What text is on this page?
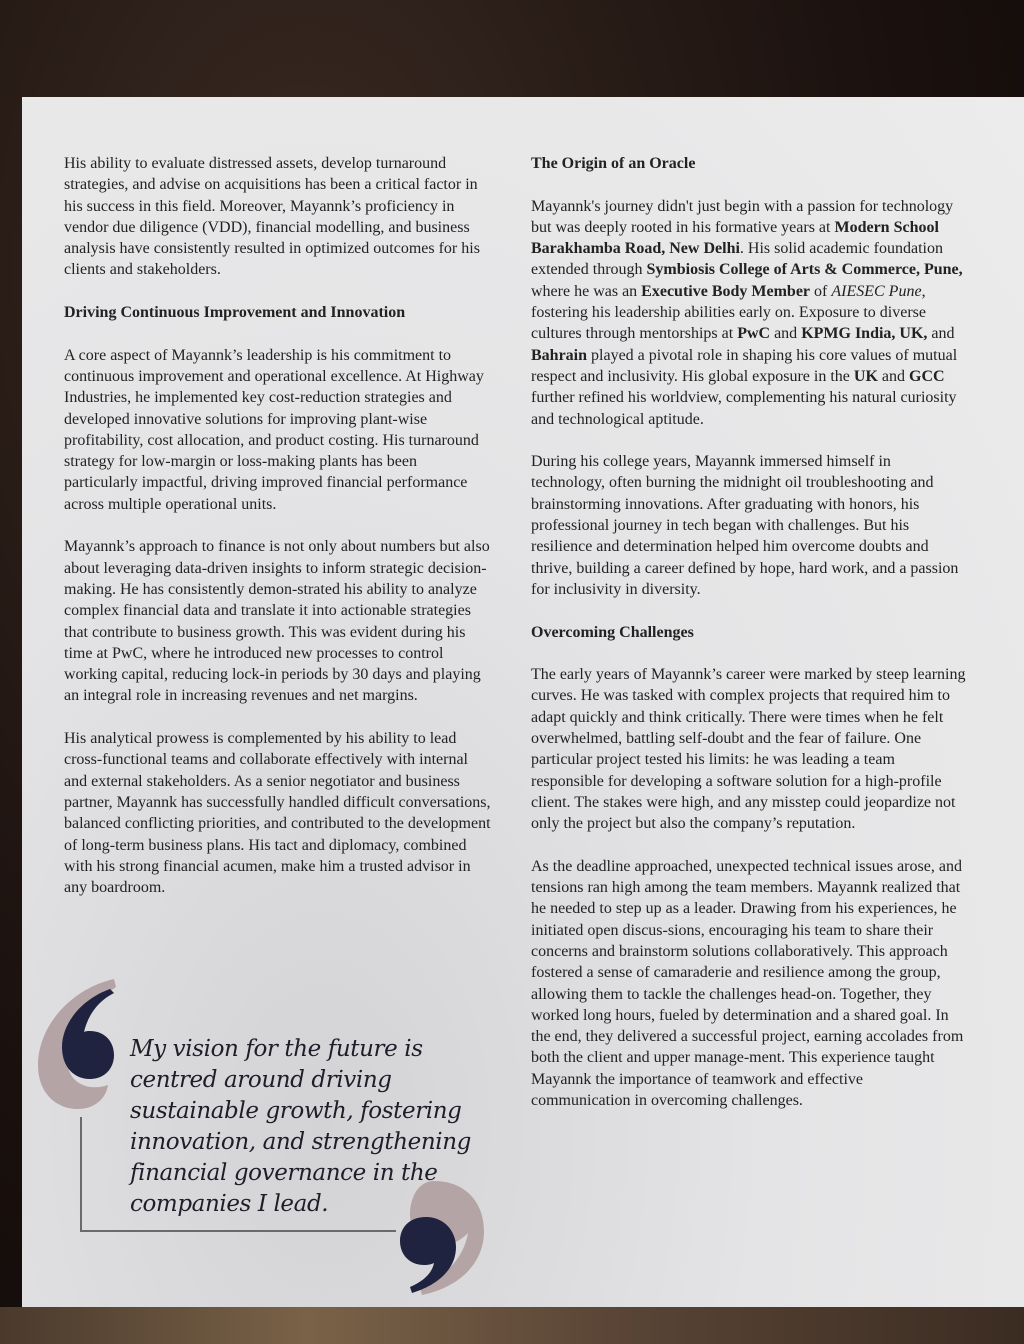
His ability to evaluate distressed assets, develop turnaround strategies, and advise on acquisitions has been a critical factor in his success in this field. Moreover, Mayannk’s proficiency in vendor due diligence (VDD), financial modelling, and business analysis have consistently resulted in optimized outcomes for his clients and stakeholders.

Driving Continuous Improvement and Innovation

A core aspect of Mayannk’s leadership is his commitment to continuous improvement and operational excellence. At Highway Industries, he implemented key cost-reduction strategies and developed innovative solutions for improving plant-wise profitability, cost allocation, and product costing. His turnaround strategy for low-margin or loss-making plants has been particularly impactful, driving improved financial performance across multiple operational units.

Mayannk’s approach to finance is not only about numbers but also about leveraging data-driven insights to inform strategic decision-making. He has consistently demon-strated his ability to analyze complex financial data and translate it into actionable strategies that contribute to business growth. This was evident during his time at PwC, where he introduced new processes to control working capital, reducing lock-in periods by 30 days and playing an integral role in increasing revenues and net margins.

His analytical prowess is complemented by his ability to lead cross-functional teams and collaborate effectively with internal and external stakeholders. As a senior negotiator and business partner, Mayannk has successfully handled difficult conversations, balanced conflicting priorities, and contributed to the development of long-term business plans. His tact and diplomacy, combined with his strong financial acumen, make him a trusted advisor in any boardroom.

My vision for the future is centred around driving sustainable growth, fostering innovation, and strengthening financial governance in the companies I lead.
The Origin of an Oracle

Mayannk's journey didn't just begin with a passion for technology but was deeply rooted in his formative years at Modern School Barakhamba Road, New Delhi. His solid academic foundation extended through Symbiosis College of Arts & Commerce, Pune, where he was an Executive Body Member of AIESEC Pune, fostering his leadership abilities early on. Exposure to diverse cultures through mentorships at PwC and KPMG India, UK, and Bahrain played a pivotal role in shaping his core values of mutual respect and inclusivity. His global exposure in the UK and GCC further refined his worldview, complementing his natural curiosity and technological aptitude.

During his college years, Mayannk immersed himself in technology, often burning the midnight oil troubleshooting and brainstorming innovations. After graduating with honors, his professional journey in tech began with challenges. But his resilience and determination helped him overcome doubts and thrive, building a career defined by hope, hard work, and a passion for inclusivity in diversity.

Overcoming Challenges

The early years of Mayannk’s career were marked by steep learning curves. He was tasked with complex projects that required him to adapt quickly and think critically. There were times when he felt overwhelmed, battling self-doubt and the fear of failure. One particular project tested his limits: he was leading a team responsible for developing a software solution for a high-profile client. The stakes were high, and any misstep could jeopardize not only the project but also the company’s reputation.

As the deadline approached, unexpected technical issues arose, and tensions ran high among the team members. Mayannk realized that he needed to step up as a leader. Drawing from his experiences, he initiated open discus-sions, encouraging his team to share their concerns and brainstorm solutions collaboratively. This approach fostered a sense of camaraderie and resilience among the group, allowing them to tackle the challenges head-on. Together, they worked long hours, fueled by determination and a shared goal. In the end, they delivered a successful project, earning accolades from both the client and upper manage-ment. This experience taught Mayannk the importance of teamwork and effective communication in overcoming challenges.
